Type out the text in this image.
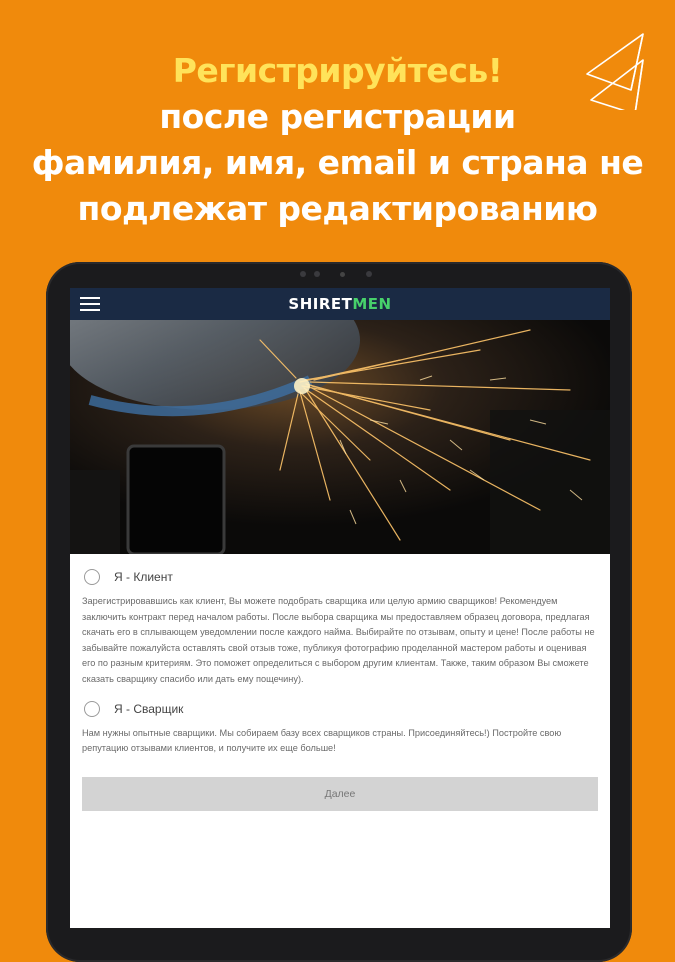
Регистрируйтесь!
после регистрации
фамилия, имя, email и страна не
подлежат редактированию
SHIRETMEN
Я - Клиент

Зарегистрировавшись как клиент, Вы можете подобрать сварщика или целую армию сварщиков! Рекомендуем заключить контракт перед началом работы. После выбора сварщика мы предоставляем образец договора, предлагая скачать его в сплывающем уведомлении после каждого найма. Выбирайте по отзывам, опыту и цене! После работы не забывайте пожалуйста оставлять свой отзыв тоже, публикуя фотографию проделанной мастером работы и оценивая его по разным критериям. Это поможет определиться с выбором другим клиентам. Также, таким образом Вы сможете сказать сварщику спасибо или дать ему пощечину).

Я - Сварщик

Нам нужны опытные сварщики. Мы собираем базу всех сварщиков страны. Присоединяйтесь!) Постройте свою репутацию отзывами клиентов, и получите их еще больше!

Далее
